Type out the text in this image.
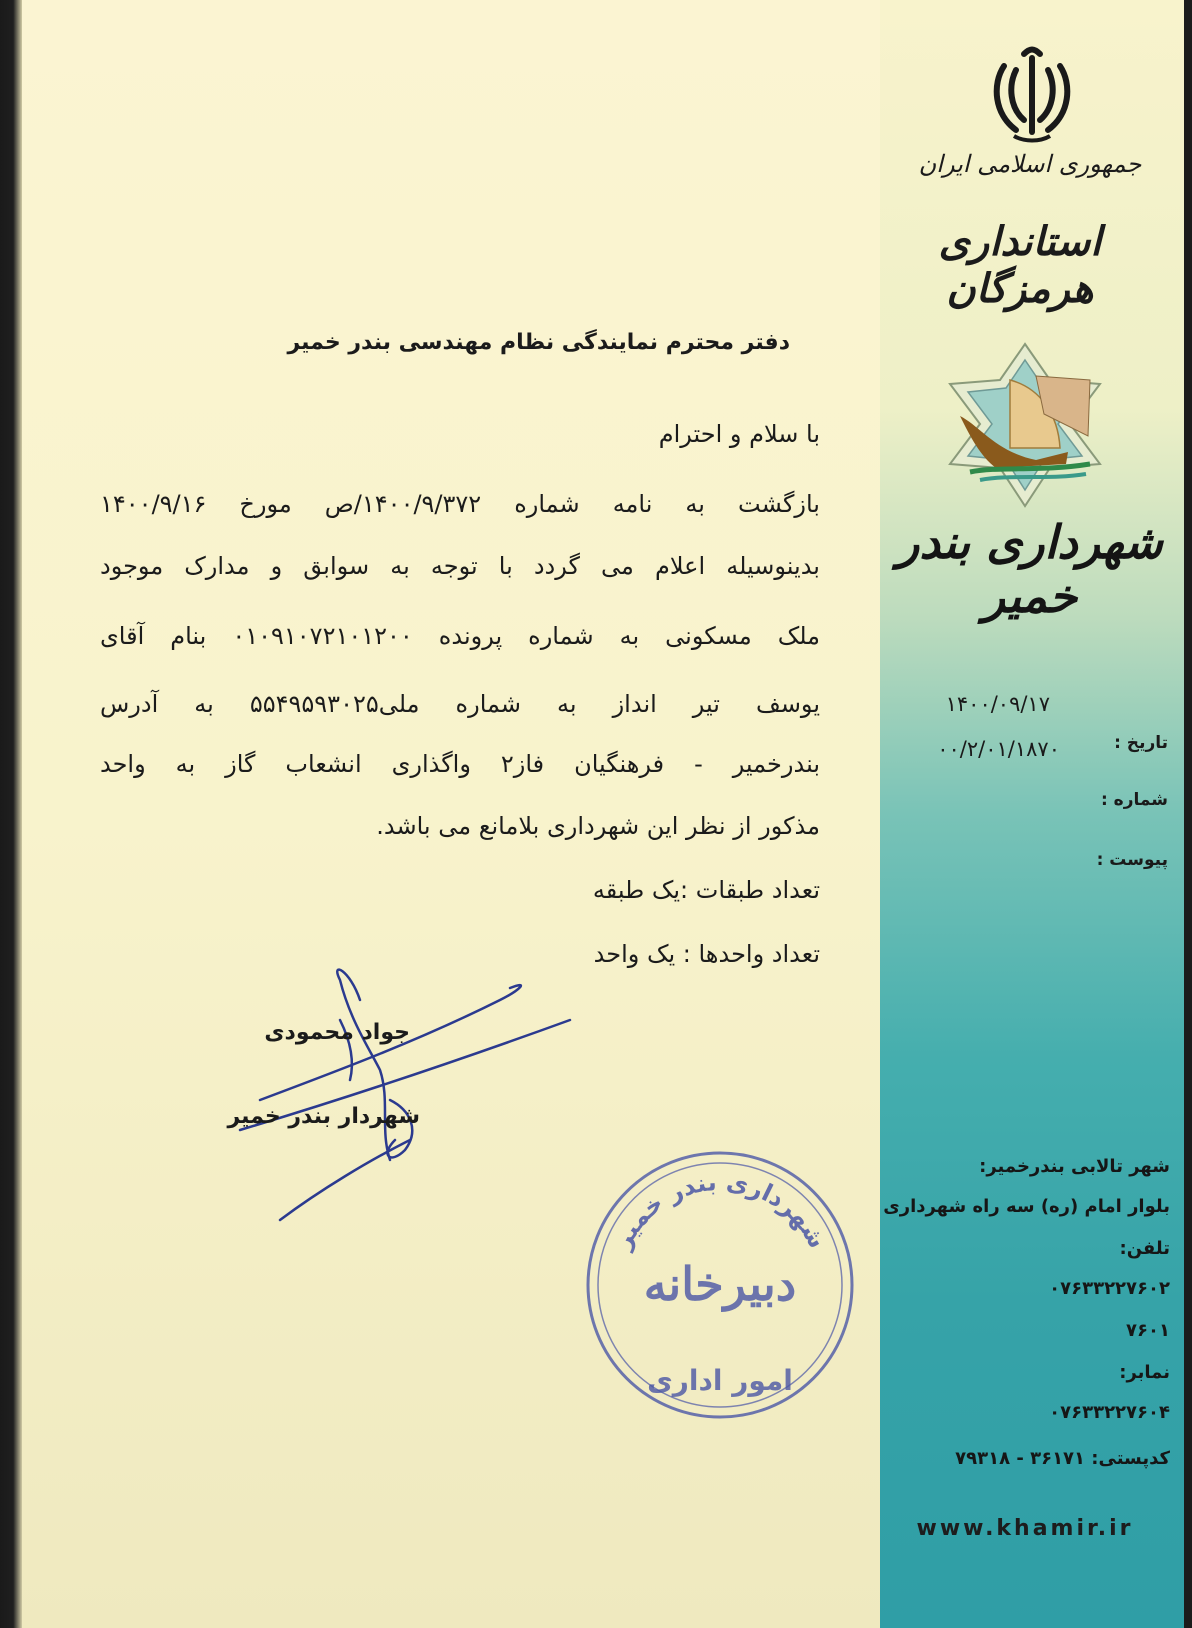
جمهوری اسلامی ایران
استانداری هرمزگان
شهرداری بندر خمیر
۱۴۰۰/۰۹/۱۷
تاریخ :
۰۰/۲/۰۱/۱۸۷۰
شماره :
پیوست :
دفتر محترم نمایندگی نظام مهندسی بندر خمیر
با سلام و احترام
بازگشت به نامه شماره ۱۴۰۰/۹/۳۷۲/ص مورخ ۱۴۰۰/۹/۱۶
بدینوسیله اعلام می گردد با توجه به سوابق و مدارک موجود
ملک مسکونی به شماره پرونده ۰۱۰۹۱۰۷۲۱۰۱۲۰۰ بنام آقای
یوسف تیر انداز به شماره ملی۵۵۴۹۵۹۳۰۲۵ به آدرس
بندرخمیر - فرهنگیان فاز۲ واگذاری انشعاب گاز به واحد
مذکور از نظر این شهرداری بلامانع می باشد.
تعداد طبقات :یک طبقه
تعداد واحدها : یک واحد
جواد محمودی
شهردار بندر خمیر
شهرداری بندر خمیر
دبیرخانه
امور اداری
شهر تالابی بندرخمیر:
بلوار امام (ره) سه راه شهرداری
تلفن:
۰۷۶۳۳۲۲۷۶۰۲
۷۶۰۱
نمابر:
۰۷۶۳۳۲۲۷۶۰۴
کدپستی: ۳۶۱۷۱ - ۷۹۳۱۸
www.khamir.ir
